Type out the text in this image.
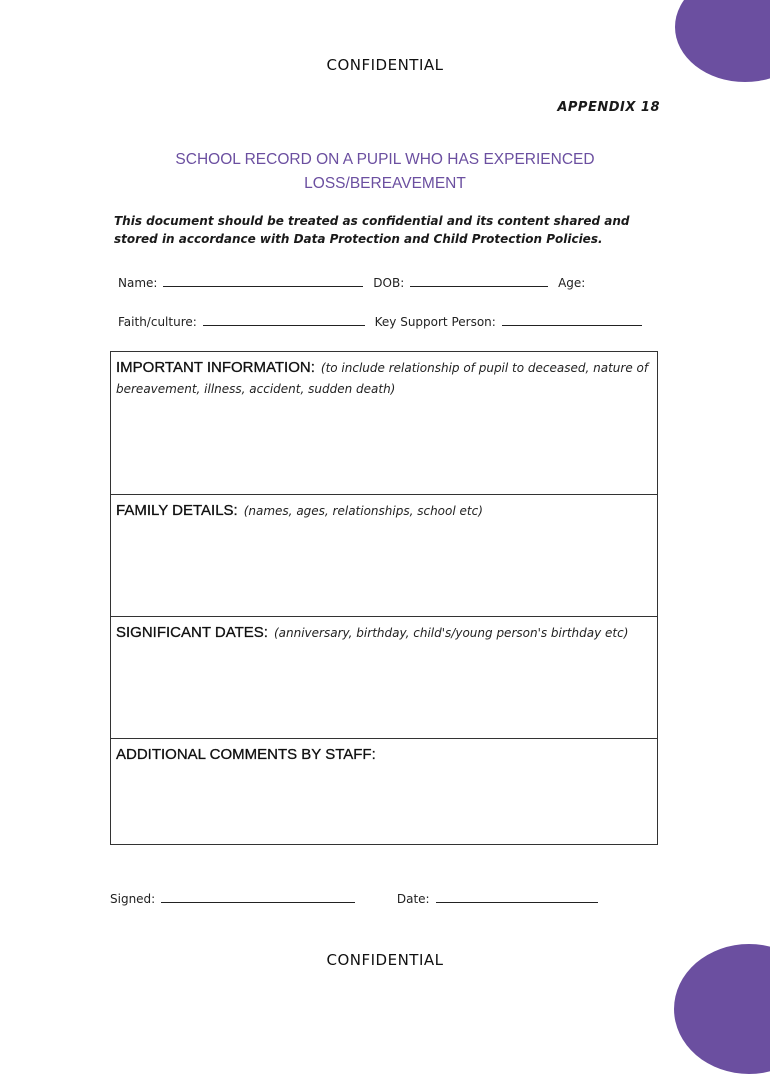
CONFIDENTIAL
APPENDIX 18
SCHOOL RECORD ON A PUPIL WHO HAS EXPERIENCED
LOSS/BEREAVEMENT
This document should be treated as confidential and its content shared and stored in accordance with Data Protection and Child Protection Policies.
Name:	DOB:	Age:
Faith/culture:	Key Support Person:
IMPORTANT INFORMATION: (to include relationship of pupil to deceased, nature of bereavement, illness, accident, sudden death)
FAMILY DETAILS: (names, ages, relationships, school etc)
SIGNIFICANT DATES: (anniversary, birthday, child's/young person's birthday etc)
ADDITIONAL COMMENTS BY STAFF:
Signed:	Date:
CONFIDENTIAL
